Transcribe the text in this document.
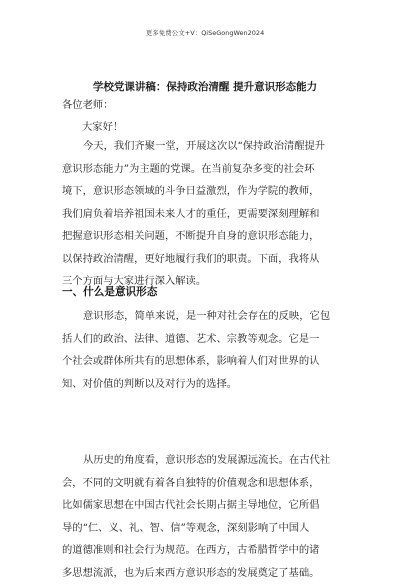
更多免费公文+V：QiSeGongWen2024
学校党课讲稿：保持政治清醒 提升意识形态能力
各位老师：
大家好！
今天，我们齐聚一堂，开展这次以“保持政治清醒提升
意识形态能力”为主题的党课。在当前复杂多变的社会环
境下，意识形态领域的斗争日益激烈，作为学院的教师，
我们肩负着培养祖国未来人才的重任，更需要深刻理解和
把握意识形态相关问题，不断提升自身的意识形态能力，
以保持政治清醒，更好地履行我们的职责。下面，我将从
三个方面与大家进行深入解读。
一、什么是意识形态
意识形态，简单来说，是一种对社会存在的反映，它包
括人们的政治、法律、道德、艺术、宗教等观念。它是一
个社会或群体所共有的思想体系，影响着人们对世界的认
知、对价值的判断以及对行为的选择。
从历史的角度看，意识形态的发展源远流长。在古代社
会，不同的文明就有着各自独特的价值观念和思想体系，
比如儒家思想在中国古代社会长期占据主导地位，它所倡
导的“仁、义、礼、智、信”等观念，深刻影响了中国人
的道德准则和社会行为规范。在西方，古希腊哲学中的诸
多思想流派，也为后来西方意识形态的发展奠定了基础。
